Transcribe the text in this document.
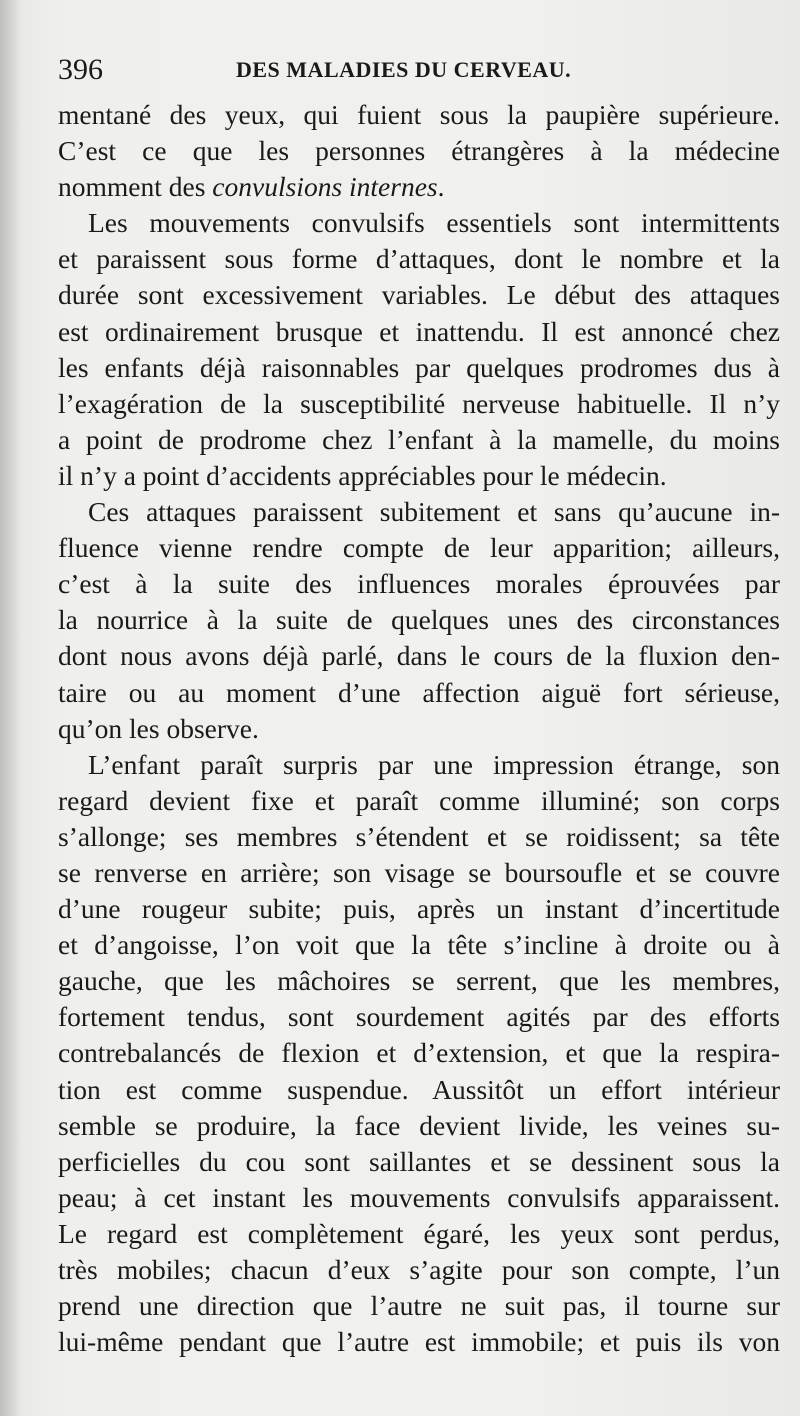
396	DES MALADIES DU CERVEAU.
mentané des yeux, qui fuient sous la paupière supérieure.
C’est ce que les personnes étrangères à la médecine
nomment des convulsions internes.
Les mouvements convulsifs essentiels sont intermittents
et paraissent sous forme d’attaques, dont le nombre et la
durée sont excessivement variables. Le début des attaques
est ordinairement brusque et inattendu. Il est annoncé chez
les enfants déjà raisonnables par quelques prodromes dus à
l’exagération de la susceptibilité nerveuse habituelle. Il n’y
a point de prodrome chez l’enfant à la mamelle, du moins
il n’y a point d’accidents appréciables pour le médecin.
Ces attaques paraissent subitement et sans qu’aucune in-
fluence vienne rendre compte de leur apparition; ailleurs,
c’est à la suite des influences morales éprouvées par
la nourrice à la suite de quelques unes des circonstances
dont nous avons déjà parlé, dans le cours de la fluxion den-
taire ou au moment d’une affection aiguë fort sérieuse,
qu’on les observe.
L’enfant paraît surpris par une impression étrange, son
regard devient fixe et paraît comme illuminé; son corps
s’allonge; ses membres s’étendent et se roidissent; sa tête
se renverse en arrière; son visage se boursoufle et se couvre
d’une rougeur subite; puis, après un instant d’incertitude
et d’angoisse, l’on voit que la tête s’incline à droite ou à
gauche, que les mâchoires se serrent, que les membres,
fortement tendus, sont sourdement agités par des efforts
contrebalancés de flexion et d’extension, et que la respira-
tion est comme suspendue. Aussitôt un effort intérieur
semble se produire, la face devient livide, les veines su-
perficielles du cou sont saillantes et se dessinent sous la
peau; à cet instant les mouvements convulsifs apparaissent.
Le regard est complètement égaré, les yeux sont perdus,
très mobiles; chacun d’eux s’agite pour son compte, l’un
prend une direction que l’autre ne suit pas, il tourne sur
lui-même pendant que l’autre est immobile; et puis ils von
